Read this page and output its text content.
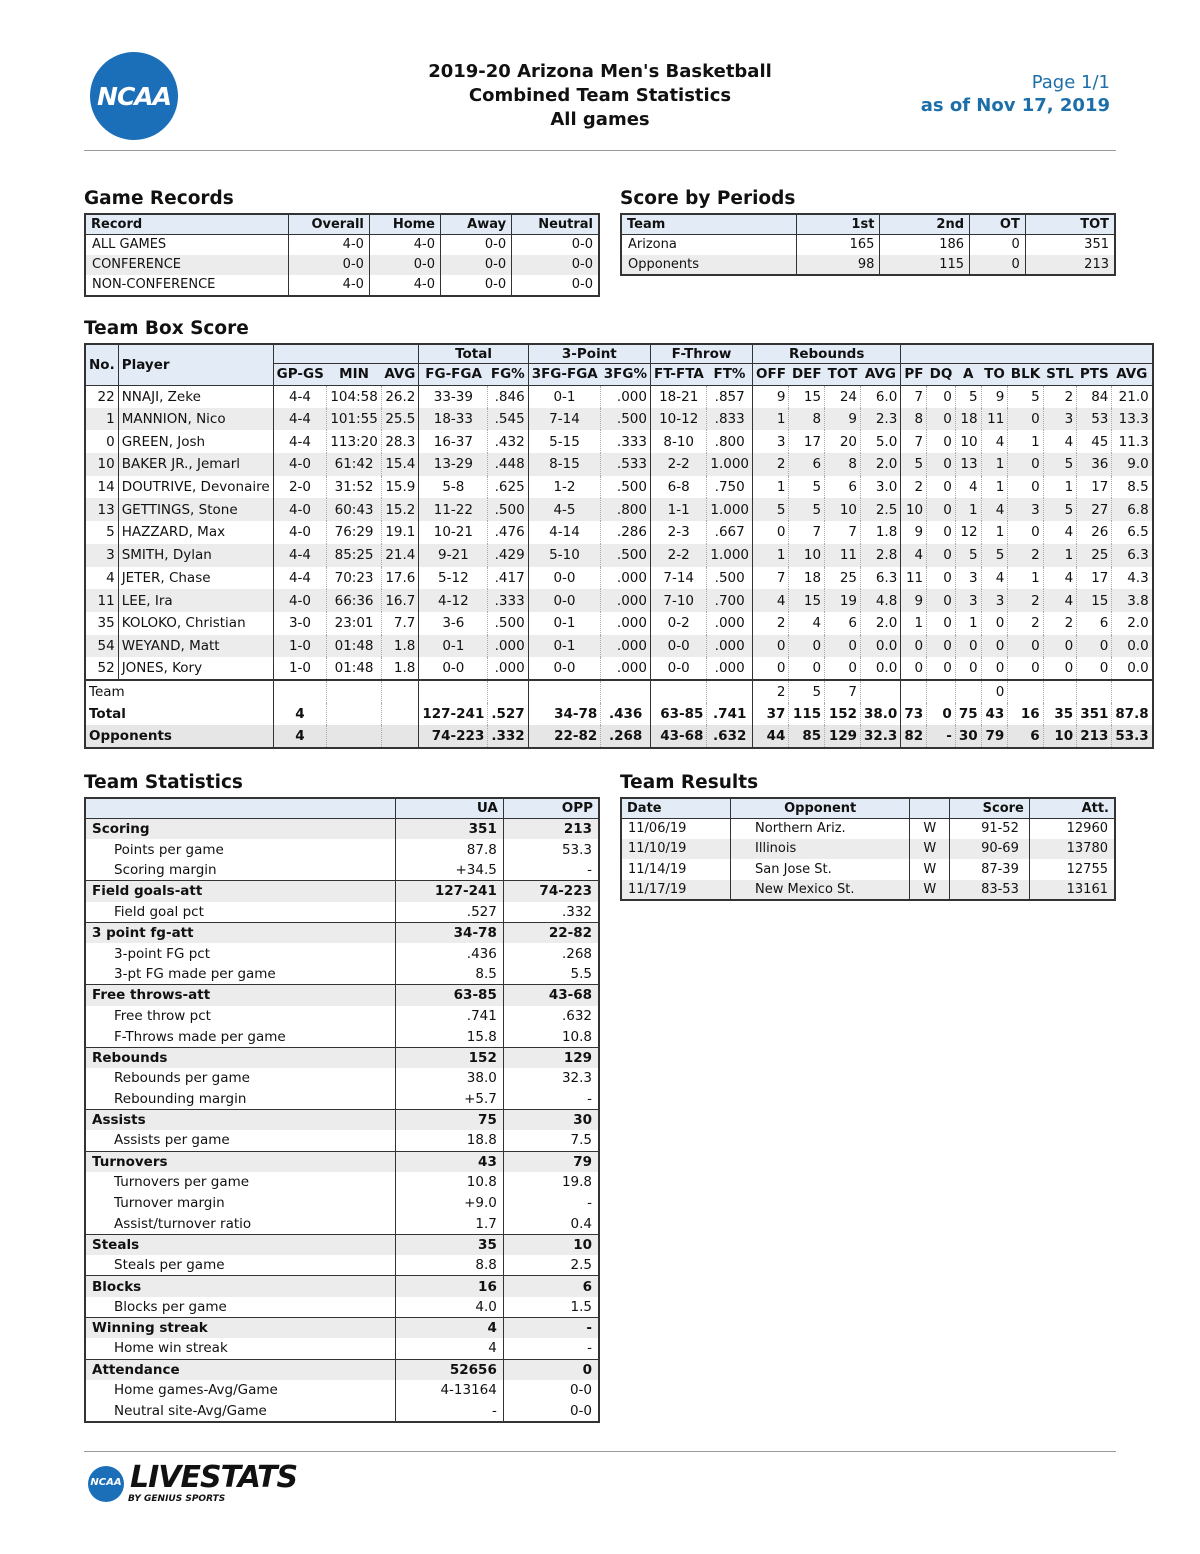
NCAA
2019-20 Arizona Men's Basketball
Combined Team Statistics
All games
Page 1/1
as of Nov 17, 2019
Game Records	Score by Periods
Team Box Score
Team Statistics	Team Results
Record	Overall	Home	Away	Neutral
ALL GAMES	4-0	4-0	0-0	0-0
CONFERENCE	0-0	0-0	0-0	0-0
NON-CONFERENCE	4-0	4-0	0-0	0-0
Team	1st	2nd	OT	TOT
Arizona	165	186	0	351
Opponents	98	115	0	213
No.	Player				Total		3-Point		F-Throw		Rebounds											
		GP-GS	MIN	AVG	FG-FGA	FG%	3FG-FGA	3FG%	FT-FTA	FT%	OFF	DEF	TOT	AVG	PF	DQ	A	TO	BLK	STL	PTS	AVG
22	NNAJI, Zeke	4-4	104:58	26.2	33-39	.846	0-1	.000	18-21	.857	9	15	24	6.0	7	0	5	9	5	2	84	21.0
1	MANNION, Nico	4-4	101:55	25.5	18-33	.545	7-14	.500	10-12	.833	1	8	9	2.3	8	0	18	11	0	3	53	13.3
0	GREEN, Josh	4-4	113:20	28.3	16-37	.432	5-15	.333	8-10	.800	3	17	20	5.0	7	0	10	4	1	4	45	11.3
10	BAKER JR., Jemarl	4-0	61:42	15.4	13-29	.448	8-15	.533	2-2	1.000	2	6	8	2.0	5	0	13	1	0	5	36	9.0
14	DOUTRIVE, Devonaire	2-0	31:52	15.9	5-8	.625	1-2	.500	6-8	.750	1	5	6	3.0	2	0	4	1	0	1	17	8.5
13	GETTINGS, Stone	4-0	60:43	15.2	11-22	.500	4-5	.800	1-1	1.000	5	5	10	2.5	10	0	1	4	3	5	27	6.8
5	HAZZARD, Max	4-0	76:29	19.1	10-21	.476	4-14	.286	2-3	.667	0	7	7	1.8	9	0	12	1	0	4	26	6.5
3	SMITH, Dylan	4-4	85:25	21.4	9-21	.429	5-10	.500	2-2	1.000	1	10	11	2.8	4	0	5	5	2	1	25	6.3
4	JETER, Chase	4-4	70:23	17.6	5-12	.417	0-0	.000	7-14	.500	7	18	25	6.3	11	0	3	4	1	4	17	4.3
11	LEE, Ira	4-0	66:36	16.7	4-12	.333	0-0	.000	7-10	.700	4	15	19	4.8	9	0	3	3	2	4	15	3.8
35	KOLOKO, Christian	3-0	23:01	7.7	3-6	.500	0-1	.000	0-2	.000	2	4	6	2.0	1	0	1	0	2	2	6	2.0
54	WEYAND, Matt	1-0	01:48	1.8	0-1	.000	0-1	.000	0-0	.000	0	0	0	0.0	0	0	0	0	0	0	0	0.0
52	JONES, Kory	1-0	01:48	1.8	0-0	.000	0-0	.000	0-0	.000	0	0	0	0.0	0	0	0	0	0	0	0	0.0
Team											2	5	7					0				
Total		4			127-241	.527	34-78	.436	63-85	.741	37	115	152	38.0	73	0	75	43	16	35	351	87.8
Opponents		4			74-223	.332	22-82	.268	43-68	.632	44	85	129	32.3	82	-	30	79	6	10	213	53.3
	UA	OPP
Scoring	351	213
Points per game	87.8	53.3
Scoring margin	+34.5	-
Field goals-att	127-241	74-223
Field goal pct	.527	.332
3 point fg-att	34-78	22-82
3-point FG pct	.436	.268
3-pt FG made per game	8.5	5.5
Free throws-att	63-85	43-68
Free throw pct	.741	.632
F-Throws made per game	15.8	10.8
Rebounds	152	129
Rebounds per game	38.0	32.3
Rebounding margin	+5.7	-
Assists	75	30
Assists per game	18.8	7.5
Turnovers	43	79
Turnovers per game	10.8	19.8
Turnover margin	+9.0	-
Assist/turnover ratio	1.7	0.4
Steals	35	10
Steals per game	8.8	2.5
Blocks	16	6
Blocks per game	4.0	1.5
Winning streak	4	-
Home win streak	4	-
Attendance	52656	0
Home games-Avg/Game	4-13164	0-0
Neutral site-Avg/Game	-	0-0
Date	Opponent		Score	Att.
11/06/19	Northern Ariz.	W	91-52	12960
11/10/19	Illinois	W	90-69	13780
11/14/19	San Jose St.	W	87-39	12755
11/17/19	New Mexico St.	W	83-53	13161
NCAA LIVESTATS
BY GENIUS SPORTS
